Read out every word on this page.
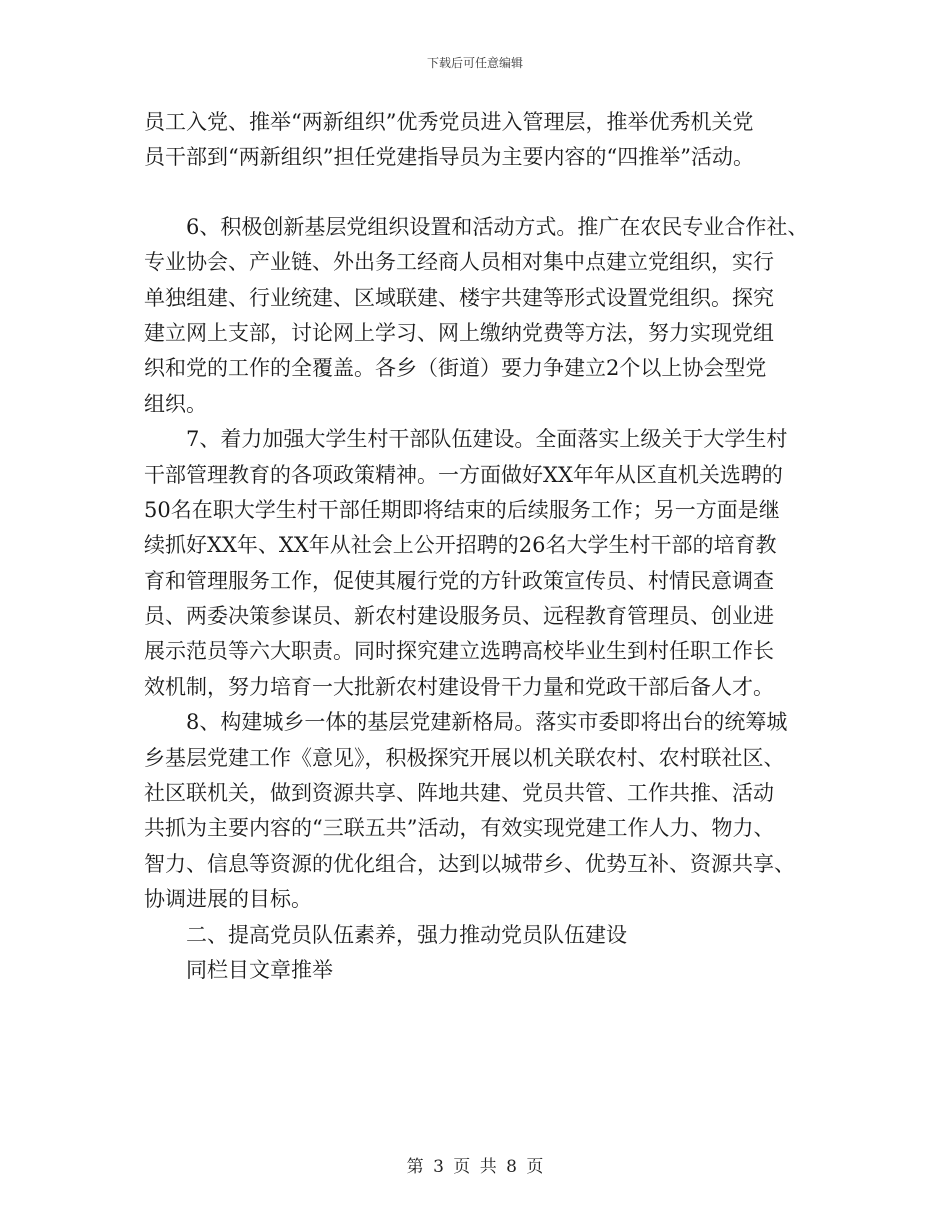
下载后可任意编辑
员工入党、推举“两新组织”优秀党员进入管理层，推举优秀机关党
员干部到“两新组织”担任党建指导员为主要内容的“四推举”活动。
　　6、积极创新基层党组织设置和活动方式。推广在农民专业合作社、
专业协会、产业链、外出务工经商人员相对集中点建立党组织，实行
单独组建、行业统建、区域联建、楼宇共建等形式设置党组织。探究
建立网上支部，讨论网上学习、网上缴纳党费等方法，努力实现党组
织和党的工作的全覆盖。各乡（街道）要力争建立2个以上协会型党
组织。
　　7、着力加强大学生村干部队伍建设。全面落实上级关于大学生村
干部管理教育的各项政策精神。一方面做好XX年年从区直机关选聘的
50名在职大学生村干部任期即将结束的后续服务工作；另一方面是继
续抓好XX年、XX年从社会上公开招聘的26名大学生村干部的培育教
育和管理服务工作，促使其履行党的方针政策宣传员、村情民意调查
员、两委决策参谋员、新农村建设服务员、远程教育管理员、创业进
展示范员等六大职责。同时探究建立选聘高校毕业生到村任职工作长
效机制，努力培育一大批新农村建设骨干力量和党政干部后备人才。
　　8、构建城乡一体的基层党建新格局。落实市委即将出台的统筹城
乡基层党建工作《意见》，积极探究开展以机关联农村、农村联社区、
社区联机关，做到资源共享、阵地共建、党员共管、工作共推、活动
共抓为主要内容的“三联五共”活动，有效实现党建工作人力、物力、
智力、信息等资源的优化组合，达到以城带乡、优势互补、资源共享、
协调进展的目标。
　　二、提高党员队伍素养，强力推动党员队伍建设
　　同栏目文章推举
第 3 页 共 8 页
